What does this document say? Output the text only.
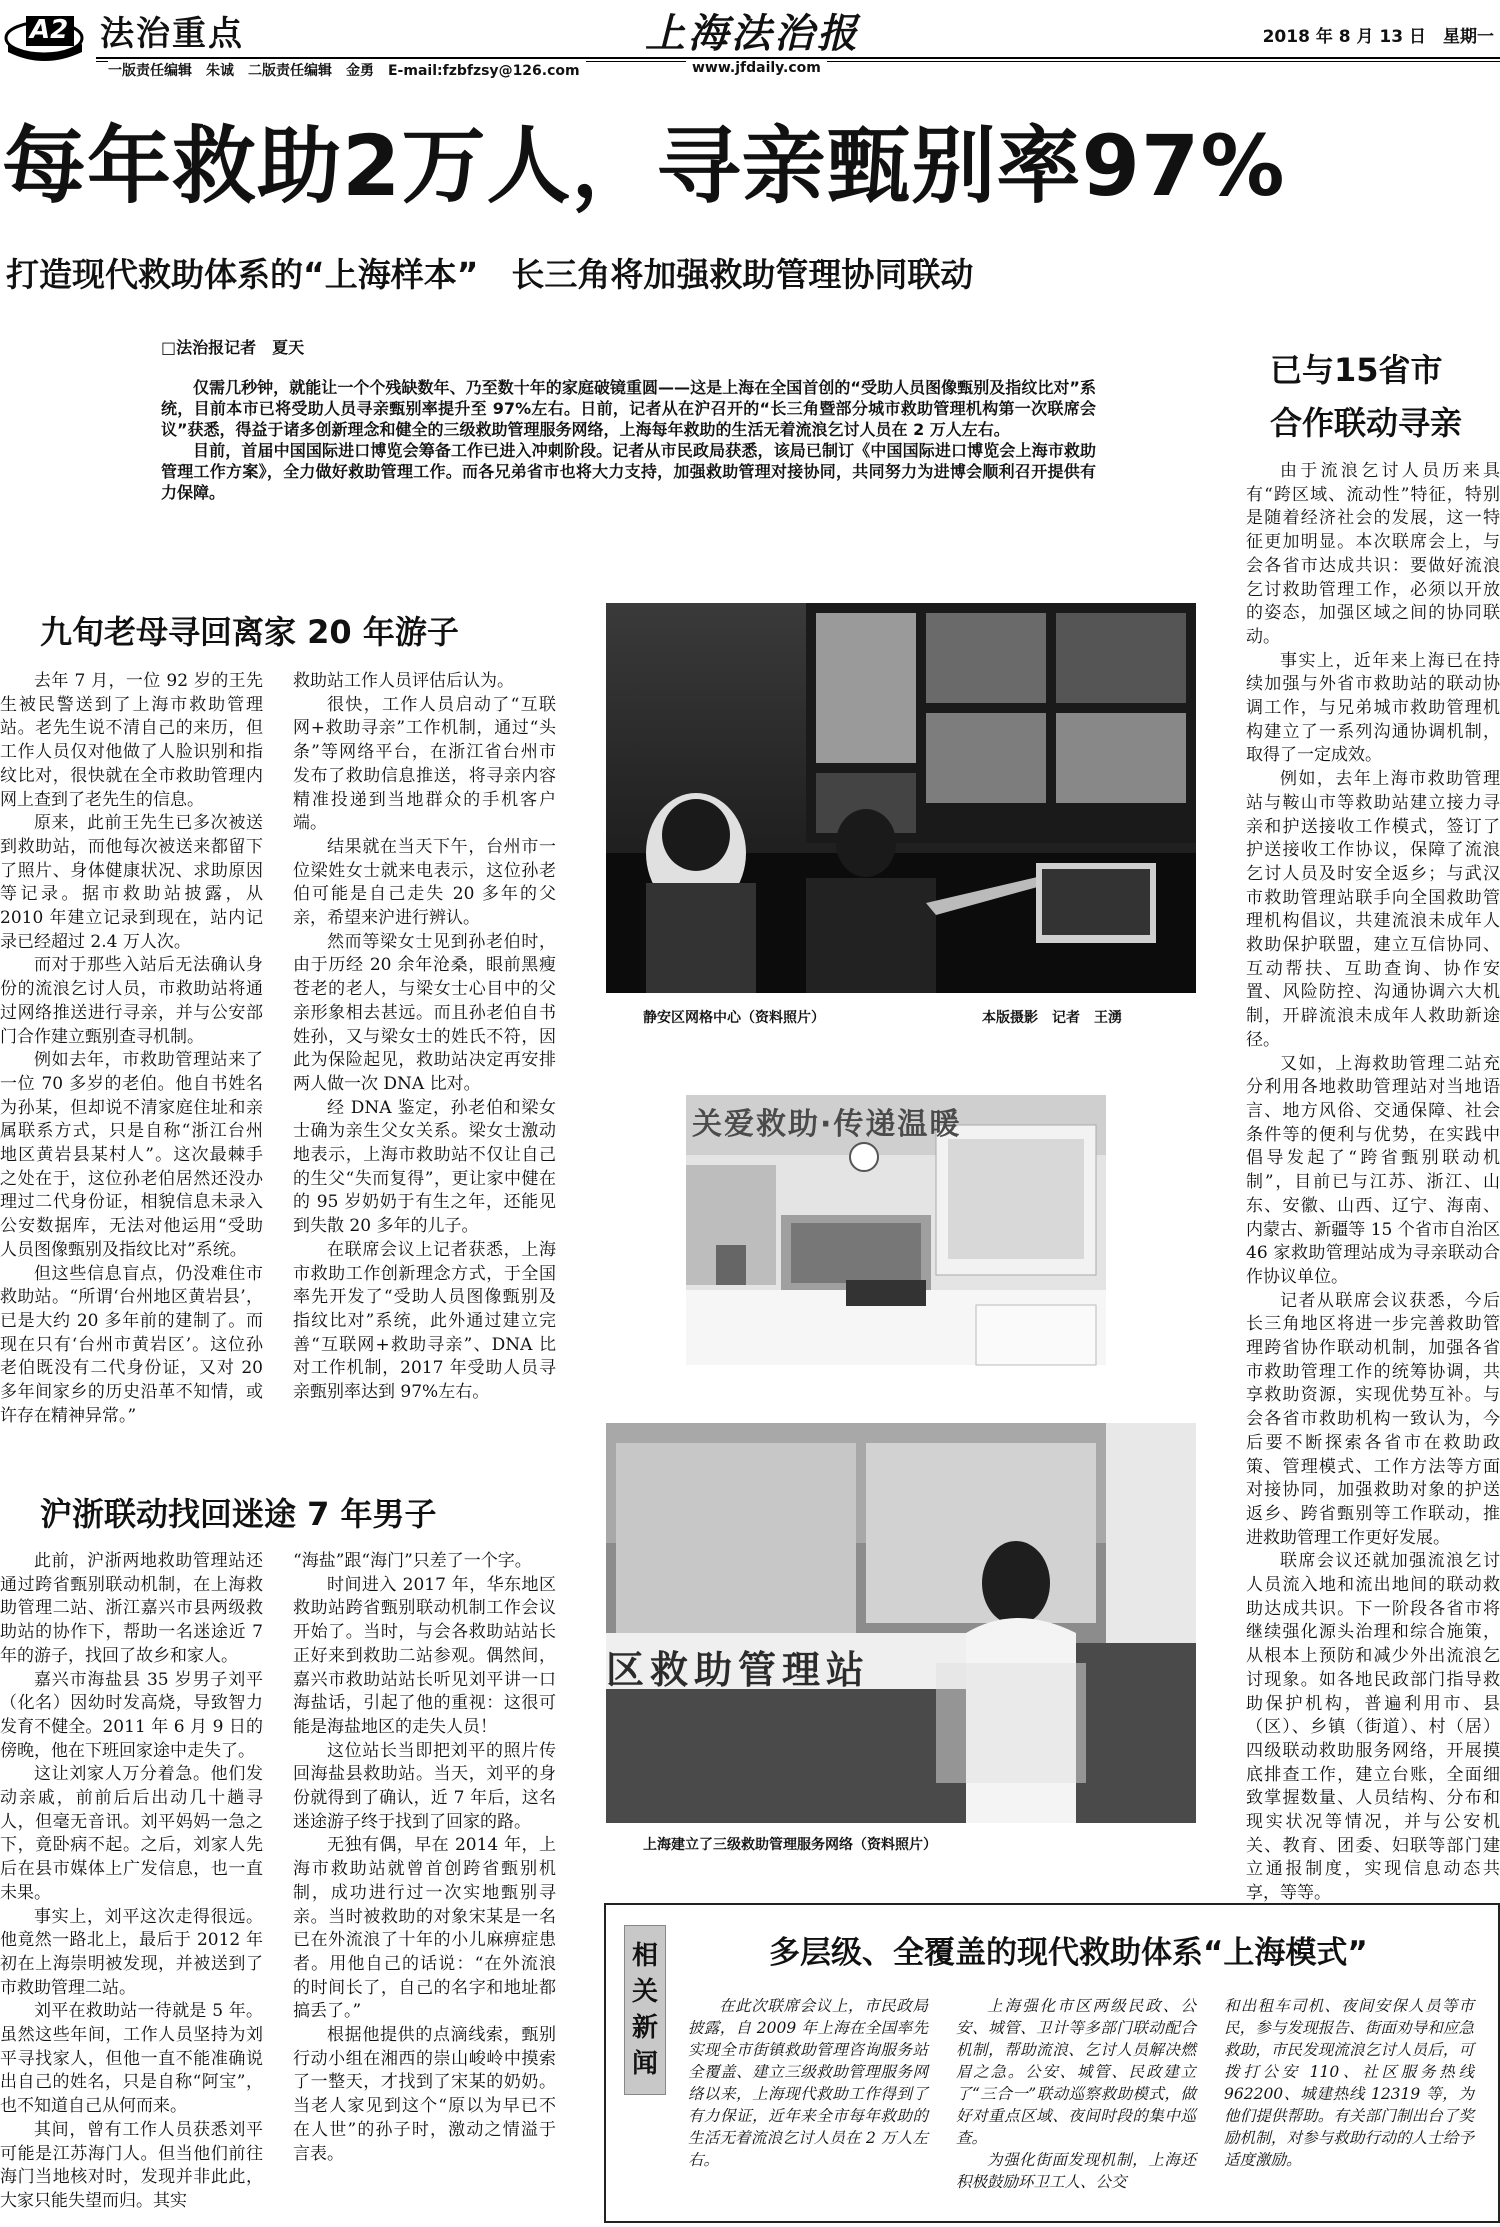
A2 法治重点	上海法治报	2018 年 8 月 13 日　星期一
一版责任编辑　朱诚　二版责任编辑　金勇　E-mail:fzbfzsy@126.com	www.jfdaily.com
每年救助2万人，寻亲甄别率97%
打造现代救助体系的“上海样本”　长三角将加强救助管理协同联动
□法治报记者　夏天

仅需几秒钟，就能让一个个残缺数年、乃至数十年的家庭破镜重圆——这是上海在全国首创的“受助人员图像甄别及指纹比对”系统，目前本市已将受助人员寻亲甄别率提升至 97%左右。日前，记者从在沪召开的“长三角暨部分城市救助管理机构第一次联席会议”获悉，得益于诸多创新理念和健全的三级救助管理服务网络，上海每年救助的生活无着流浪乞讨人员在 2 万人左右。

目前，首届中国国际进口博览会筹备工作已进入冲刺阶段。记者从市民政局获悉，该局已制订《中国国际进口博览会上海市救助管理工作方案》，全力做好救助管理工作。而各兄弟省市也将大力支持，加强救助管理对接协同，共同努力为进博会顺利召开提供有力保障。

九旬老母寻回离家 20 年游子

去年 7 月，一位 92 岁的王先生被民警送到了上海市救助管理站。老先生说不清自己的来历，但工作人员仅对他做了人脸识别和指纹比对，很快就在全市救助管理内网上查到了老先生的信息。

原来，此前王先生已多次被送到救助站，而他每次被送来都留下了照片、身体健康状况、求助原因等记录。据市救助站披露，从 2010 年建立记录到现在，站内记录已经超过 2.4 万人次。

而对于那些入站后无法确认身份的流浪乞讨人员，市救助站将通过网络推送进行寻亲，并与公安部门合作建立甄别查寻机制。

例如去年，市救助管理站来了一位 70 多岁的老伯。他自书姓名为孙某，但却说不清家庭住址和亲属联系方式，只是自称“浙江台州地区黄岩县某村人”。这次最棘手之处在于，这位孙老伯居然还没办理过二代身份证，相貌信息未录入公安数据库，无法对他运用“受助人员图像甄别及指纹比对”系统。

但这些信息盲点，仍没难住市救助站。“所谓‘台州地区黄岩县’，已是大约 20 多年前的建制了。而现在只有‘台州市黄岩区’。这位孙老伯既没有二代身份证，又对 20 多年间家乡的历史沿革不知情，或许存在精神异常。”

救助站工作人员评估后认为。

很快，工作人员启动了“互联网+救助寻亲”工作机制，通过“头条”等网络平台，在浙江省台州市发布了救助信息推送，将寻亲内容精准投递到当地群众的手机客户端。

结果就在当天下午，台州市一位梁姓女士就来电表示，这位孙老伯可能是自己走失 20 多年的父亲，希望来沪进行辨认。

然而等梁女士见到孙老伯时，由于历经 20 余年沧桑，眼前黑瘦苍老的老人，与梁女士心目中的父亲形象相去甚远。而且孙老伯自书姓孙，又与梁女士的姓氏不符，因此为保险起见，救助站决定再安排两人做一次 DNA 比对。

经 DNA 鉴定，孙老伯和梁女士确为亲生父女关系。梁女士激动地表示，上海市救助站不仅让自己的生父“失而复得”，更让家中健在的 95 岁奶奶于有生之年，还能见到失散 20 多年的儿子。

在联席会议上记者获悉，上海市救助工作创新理念方式，于全国率先开发了“受助人员图像甄别及指纹比对”系统，此外通过建立完善“互联网+救助寻亲”、DNA 比对工作机制，2017 年受助人员寻亲甄别率达到 97%左右。

沪浙联动找回迷途 7 年男子

此前，沪浙两地救助管理站还通过跨省甄别联动机制，在上海救助管理二站、浙江嘉兴市县两级救助站的协作下，帮助一名迷途近 7 年的游子，找回了故乡和家人。

嘉兴市海盐县 35 岁男子刘平（化名）因幼时发高烧，导致智力发育不健全。2011 年 6 月 9 日的傍晚，他在下班回家途中走失了。

这让刘家人万分着急。他们发动亲戚，前前后后出动几十趟寻人，但毫无音讯。刘平妈妈一急之下，竟卧病不起。之后，刘家人先后在县市媒体上广发信息，也一直未果。

事实上，刘平这次走得很远。他竟然一路北上，最后于 2012 年初在上海崇明被发现，并被送到了市救助管理二站。

刘平在救助站一待就是 5 年。虽然这些年间，工作人员坚持为刘平寻找家人，但他一直不能准确说出自己的姓名，只是自称“阿宝”，也不知道自己从何而来。

其间，曾有工作人员获悉刘平可能是江苏海门人。但当他们前往海门当地核对时，发现并非此此，大家只能失望而归。其实

“海盐”跟“海门”只差了一个字。

时间进入 2017 年，华东地区救助站跨省甄别联动机制工作会议开始了。当时，与会各救助站站长正好来到救助二站参观。偶然间，嘉兴市救助站站长听见刘平讲一口海盐话，引起了他的重视：这很可能是海盐地区的走失人员！

这位站长当即把刘平的照片传回海盐县救助站。当天，刘平的身份就得到了确认，近 7 年后，这名迷途游子终于找到了回家的路。

无独有偶，早在 2014 年，上海市救助站就曾首创跨省甄别机制，成功进行过一次实地甄别寻亲。当时被救助的对象宋某是一名已在外流浪了十年的小儿麻痹症患者。用他自己的话说：“在外流浪的时间长了，自己的名字和地址都搞丢了。”

根据他提供的点滴线索，甄别行动小组在湘西的崇山峻岭中摸索了一整天，才找到了宋某的奶奶。当老人家见到这个“原以为早已不在人世”的孙子时，激动之情溢于言表。

静安区网格中心（资料照片）	本版摄影　记者　王湧
关爱救助·传递温暖
区救助管理站
上海建立了三级救助管理服务网络（资料照片）
已与15省市
合作联动寻亲

由于流浪乞讨人员历来具有“跨区域、流动性”特征，特别是随着经济社会的发展，这一特征更加明显。本次联席会上，与会各省市达成共识：要做好流浪乞讨救助管理工作，必须以开放的姿态，加强区域之间的协同联动。

事实上，近年来上海已在持续加强与外省市救助站的联动协调工作，与兄弟城市救助管理机构建立了一系列沟通协调机制，取得了一定成效。

例如，去年上海市救助管理站与鞍山市等救助站建立接力寻亲和护送接收工作模式，签订了护送接收工作协议，保障了流浪乞讨人员及时安全返乡；与武汉市救助管理站联手向全国救助管理机构倡议，共建流浪未成年人救助保护联盟，建立互信协同、互动帮扶、互助查询、协作安置、风险防控、沟通协调六大机制，开辟流浪未成年人救助新途径。

又如，上海救助管理二站充分利用各地救助管理站对当地语言、地方风俗、交通保障、社会条件等的便利与优势，在实践中倡导发起了“跨省甄别联动机制”，目前已与江苏、浙江、山东、安徽、山西、辽宁、海南、内蒙古、新疆等 15 个省市自治区 46 家救助管理站成为寻亲联动合作协议单位。

记者从联席会议获悉，今后长三角地区将进一步完善救助管理跨省协作联动机制，加强各省市救助管理工作的统筹协调，共享救助资源，实现优势互补。与会各省市救助机构一致认为，今后要不断探索各省市在救助政策、管理模式、工作方法等方面对接协同，加强救助对象的护送返乡、跨省甄别等工作联动，推进救助管理工作更好发展。

联席会议还就加强流浪乞讨人员流入地和流出地间的联动救助达成共识。下一阶段各省市将继续强化源头治理和综合施策，从根本上预防和减少外出流浪乞讨现象。如各地民政部门指导救助保护机构，普遍利用市、县（区）、乡镇（街道）、村（居）四级联动救助服务网络，开展摸底排查工作，建立台账，全面细致掌握数量、人员结构、分布和现实状况等情况，并与公安机关、教育、团委、妇联等部门建立通报制度，实现信息动态共享，等等。

相关新闻
多层级、全覆盖的现代救助体系“上海模式”

在此次联席会议上，市民政局披露，自 2009 年上海在全国率先实现全市街镇救助管理咨询服务站全覆盖、建立三级救助管理服务网络以来，上海现代救助工作得到了有力保证，近年来全市每年救助的生活无着流浪乞讨人员在 2 万人左右。

上海强化市区两级民政、公安、城管、卫计等多部门联动配合机制，帮助流浪、乞讨人员解决燃眉之急。公安、城管、民政建立了“三合一”联动巡察救助模式，做好对重点区域、夜间时段的集中巡查。

为强化街面发现机制，上海还积极鼓励环卫工人、公交

和出租车司机、夜间安保人员等市民，参与发现报告、街面劝导和应急救助，市民发现流浪乞讨人员后，可拨打公安 110、社区服务热线 962200、城建热线 12319 等，为他们提供帮助。有关部门制出台了奖励机制，对参与救助行动的人士给予适度激励。
